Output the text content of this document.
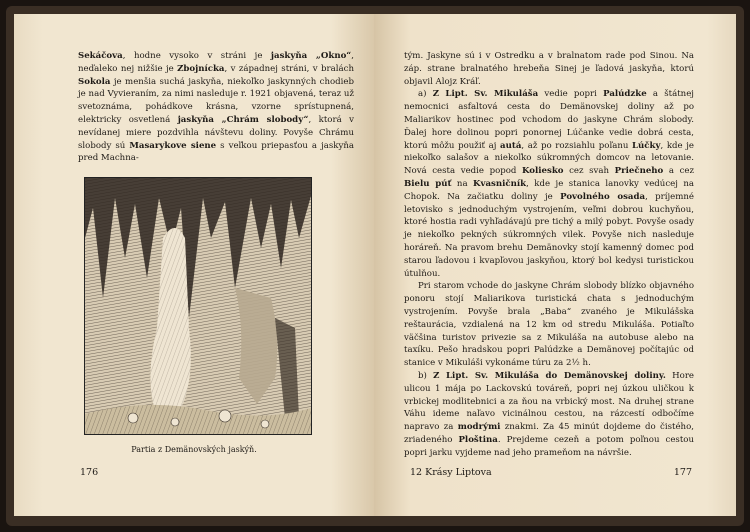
Sekáčova, hodne vysoko v stráni je jaskyňa „Okno“, neďaleko nej nižšie je Zbojnícka, v západnej stráni, v bralách Sokola je menšia suchá jaskyňa, niekoľko jaskynných chodieb je nad Vyvieraním, za nimi nasleduje r. 1921 objavená, teraz už svetoznáma, pohádkove krásna, vzorne sprístupnená, elektricky osvetlená jaskyňa „Chrám slobody“, ktorá v nevídanej miere pozdvihla návštevu doliny. Povyše Chrámu slobody sú Masarykove siene s veľkou priepasťou a jaskyňa pred Machna-

Partia z Demänovských jaskýň.
176

tým. Jaskyne sú i v Ostredku a v bralnatom rade pod Sinou. Na záp. strane bralnatého hrebeňa Sinej je ľadová jaskyňa, ktorú objavil Alojz Kráľ.

a) Z Lipt. Sv. Mikuláša vedie popri Palúdzke a štátnej nemocnici asfaltová cesta do Demänovskej doliny až po Maliarikov hostinec pod vchodom do jaskyne Chrám slobody. Ďalej hore dolinou popri ponornej Lúčanke vedie dobrá cesta, ktorú môžu použiť aj autá, až po rozsiahlu poľanu Lúčky, kde je niekoľko salašov a niekoľko súkromných domcov na letovanie. Nová cesta vedie popod Koliesko cez svah Priečneho a cez Bielu púť na Kvasničník, kde je stanica lanovky vedúcej na Chopok. Na začiatku doliny je Povolného osada, príjemné letovisko s jednoduchým vystrojením, veľmi dobrou kuchyňou, ktoré hostia radi vyhľadávajú pre tichý a milý pobyt. Povyše osady je niekoľko pekných súkromných vilek. Povyše nich nasleduje horáreň. Na pravom brehu Demänovky stojí kamenný domec pod starou ľadovou i kvapľovou jaskyňou, ktorý bol kedysi turistickou útulňou.

Pri starom vchode do jaskyne Chrám slobody blízko objavného ponoru stojí Maliarikova turistická chata s jednoduchým vystrojením. Povyše brala „Baba“ zvaného je Mikulášska reštaurácia, vzdialená na 12 km od stredu Mikuláša. Potiaľto väčšina turistov privezie sa z Mikuláša na autobuse alebo na taxíku. Pešo hradskou popri Palúdzke a Demänovej počítajúc od stanice v Mikuláši vykonáme túru za 2½ h.

b) Z Lipt. Sv. Mikuláša do Demänovskej doliny. Hore ulicou 1 mája po Lackovskú továreň, popri nej úzkou uličkou k vrbickej modlitebnici a za ňou na vrbický most. Na druhej strane Váhu ideme naľavo vicinálnou cestou, na rázcestí odbočíme napravo za modrými znakmi. Za 45 minút dojdeme do čistého, zriadeného Ploština. Prejdeme cezeň a potom poľnou cestou popri jarku vyjdeme nad jeho prameňom na návršie.

12 Krásy Liptova	177
